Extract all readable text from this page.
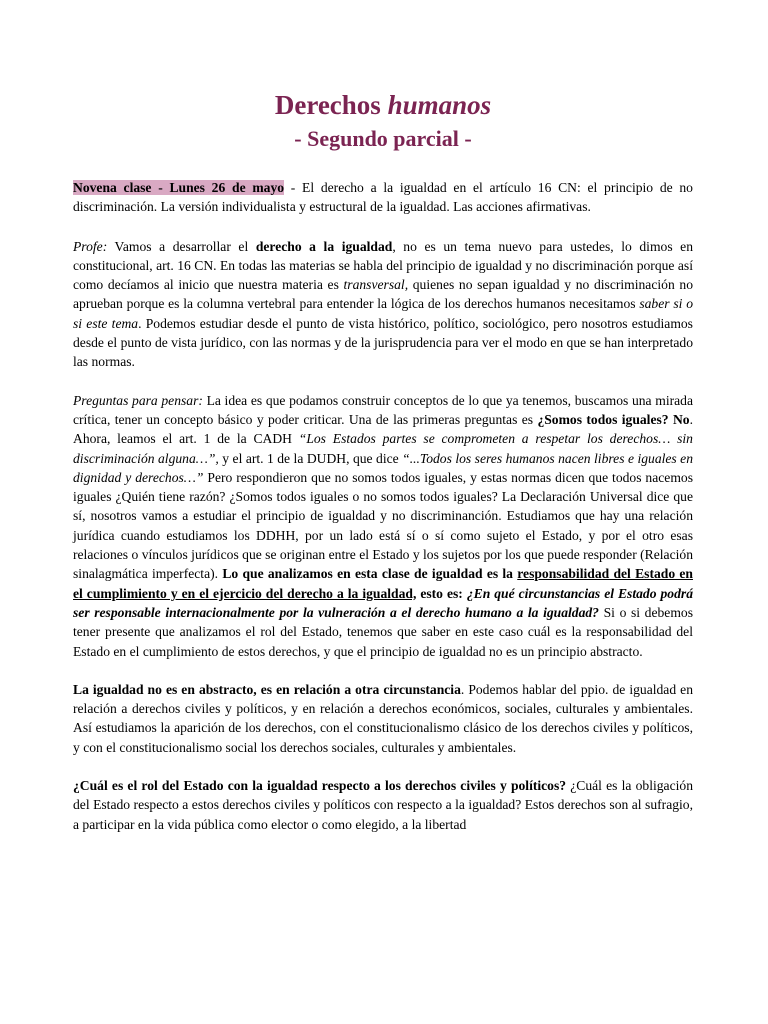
Derechos humanos
- Segundo parcial -

Novena clase - Lunes 26 de mayo - El derecho a la igualdad en el artículo 16 CN: el principio de no discriminación. La versión individualista y estructural de la igualdad. Las acciones afirmativas.

Profe: Vamos a desarrollar el derecho a la igualdad, no es un tema nuevo para ustedes, lo dimos en constitucional, art. 16 CN. En todas las materias se habla del principio de igualdad y no discriminación porque así como decíamos al inicio que nuestra materia es transversal, quienes no sepan igualdad y no discriminación no aprueban porque es la columna vertebral para entender la lógica de los derechos humanos necesitamos saber si o si este tema. Podemos estudiar desde el punto de vista histórico, político, sociológico, pero nosotros estudiamos desde el punto de vista jurídico, con las normas y de la jurisprudencia para ver el modo en que se han interpretado las normas.

Preguntas para pensar: La idea es que podamos construir conceptos de lo que ya tenemos, buscamos una mirada crítica, tener un concepto básico y poder criticar. Una de las primeras preguntas es ¿Somos todos iguales? No. Ahora, leamos el art. 1 de la CADH “Los Estados partes se comprometen a respetar los derechos… sin discriminación alguna…”, y el art. 1 de la DUDH, que dice “...Todos los seres humanos nacen libres e iguales en dignidad y derechos…” Pero respondieron que no somos todos iguales, y estas normas dicen que todos nacemos iguales ¿Quién tiene razón? ¿Somos todos iguales o no somos todos iguales? La Declaración Universal dice que sí, nosotros vamos a estudiar el principio de igualdad y no discriminanción. Estudiamos que hay una relación jurídica cuando estudiamos los DDHH, por un lado está sí o sí como sujeto el Estado, y por el otro esas relaciones o vínculos jurídicos que se originan entre el Estado y los sujetos por los que puede responder (Relación sinalagmática imperfecta). Lo que analizamos en esta clase de igualdad es la responsabilidad del Estado en el cumplimiento y en el ejercicio del derecho a la igualdad, esto es: ¿En qué circunstancias el Estado podrá ser responsable internacionalmente por la vulneración a el derecho humano a la igualdad? Si o si debemos tener presente que analizamos el rol del Estado, tenemos que saber en este caso cuál es la responsabilidad del Estado en el cumplimiento de estos derechos, y que el principio de igualdad no es un principio abstracto.

La igualdad no es en abstracto, es en relación a otra circunstancia. Podemos hablar del ppio. de igualdad en relación a derechos civiles y políticos, y en relación a derechos económicos, sociales, culturales y ambientales. Así estudiamos la aparición de los derechos, con el constitucionalismo clásico de los derechos civiles y políticos, y con el constitucionalismo social los derechos sociales, culturales y ambientales.

¿Cuál es el rol del Estado con la igualdad respecto a los derechos civiles y políticos? ¿Cuál es la obligación del Estado respecto a estos derechos civiles y políticos con respecto a la igualdad? Estos derechos son al sufragio, a participar en la vida pública como elector o como elegido, a la libertad
